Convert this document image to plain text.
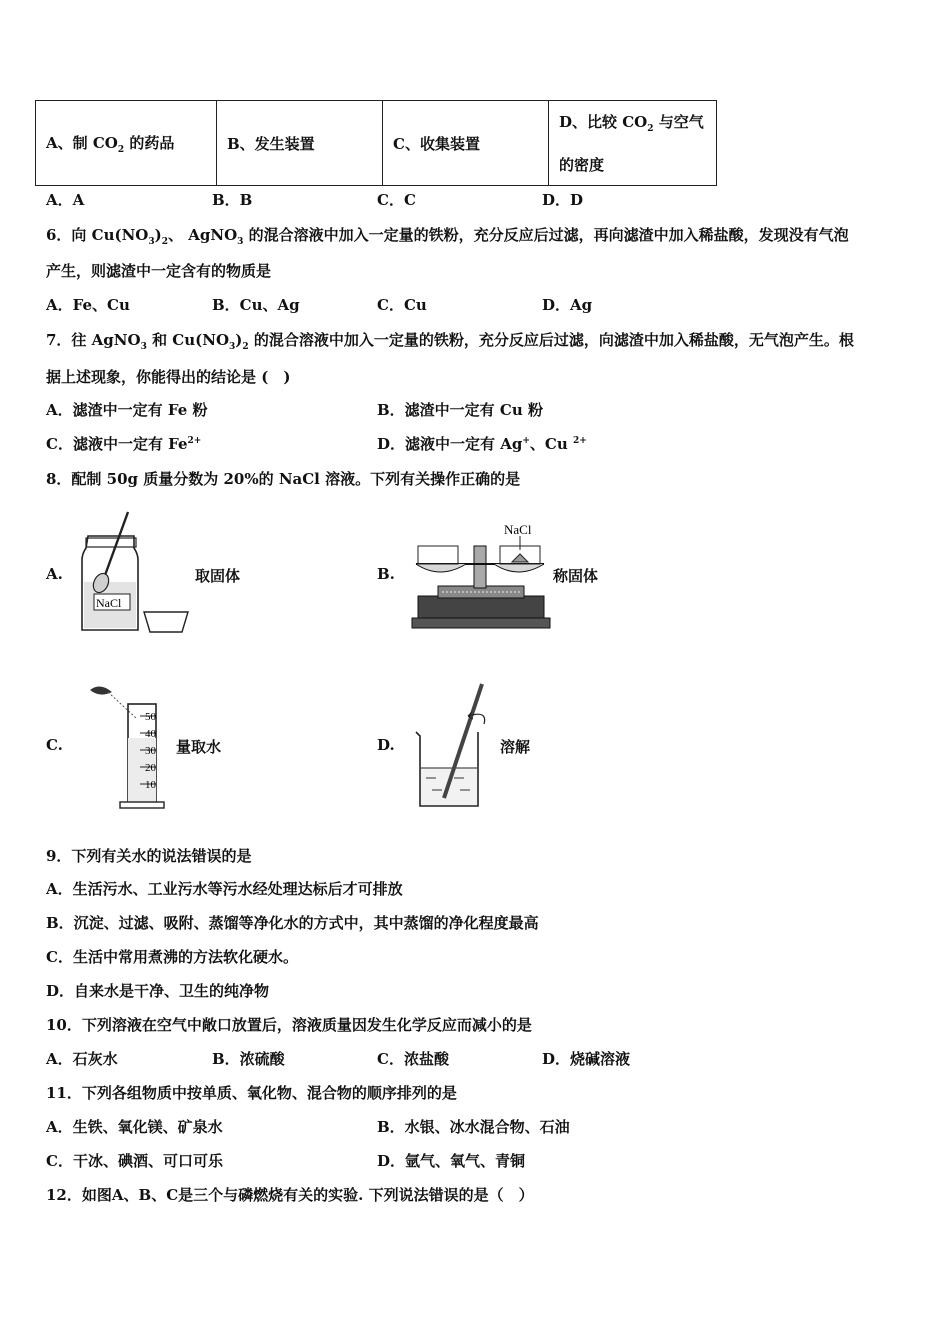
A、制 $CO_2$ 的药品	B、发生装置	C、收集装置	D、比较 $CO_2$ 与空气的密度
A．A	B．B	C．C	D．D
6．向 $Cu(NO_3)_2$、 AgNO$_3$ 的混合溶液中加入一定量的铁粉，充分反应后过滤，再向滤渣中加入稀盐酸，发现没有气泡
产生，则滤渣中一定含有的物质是
A．Fe、Cu	B．Cu、Ag	C．Cu	D．Ag
7．往 AgNO$_3$ 和 $Cu(NO_3)_2$ 的混合溶液中加入一定量的铁粉，充分反应后过滤，向滤渣中加入稀盐酸，无气泡产生。根
据上述现象，你能得出的结论是 (　)
A．滤渣中一定有 Fe 粉	B．滤渣中一定有 Cu 粉
C．滤液中一定有 $Fe^{2+}$	D．滤液中一定有 Ag+、Cu $^{2+}$
8．配制 50g 质量分数为 20%的 NaCl 溶液。下列有关操作正确的是
A.
NaCl
取固体	B.
NaCl
称固体
C.
50
40
30
20
10
量取水	D.	溶解
9．下列有关水的说法错误的是
A．生活污水、工业污水等污水经处理达标后才可排放
B．沉淀、过滤、吸附、蒸馏等净化水的方式中，其中蒸馏的净化程度最高
C．生活中常用煮沸的方法软化硬水。
D．自来水是干净、卫生的纯净物
10．下列溶液在空气中敞口放置后，溶液质量因发生化学反应而减小的是
A．石灰水	B．浓硫酸	C．浓盐酸	D．烧碱溶液
11．下列各组物质中按单质、氧化物、混合物的顺序排列的是
A．生铁、氧化镁、矿泉水	B．水银、冰水混合物、石油
C．干冰、碘酒、可口可乐	D．氩气、氧气、青铜
12．如图A、B、C是三个与磷燃烧有关的实验. 下列说法错误的是（　）
